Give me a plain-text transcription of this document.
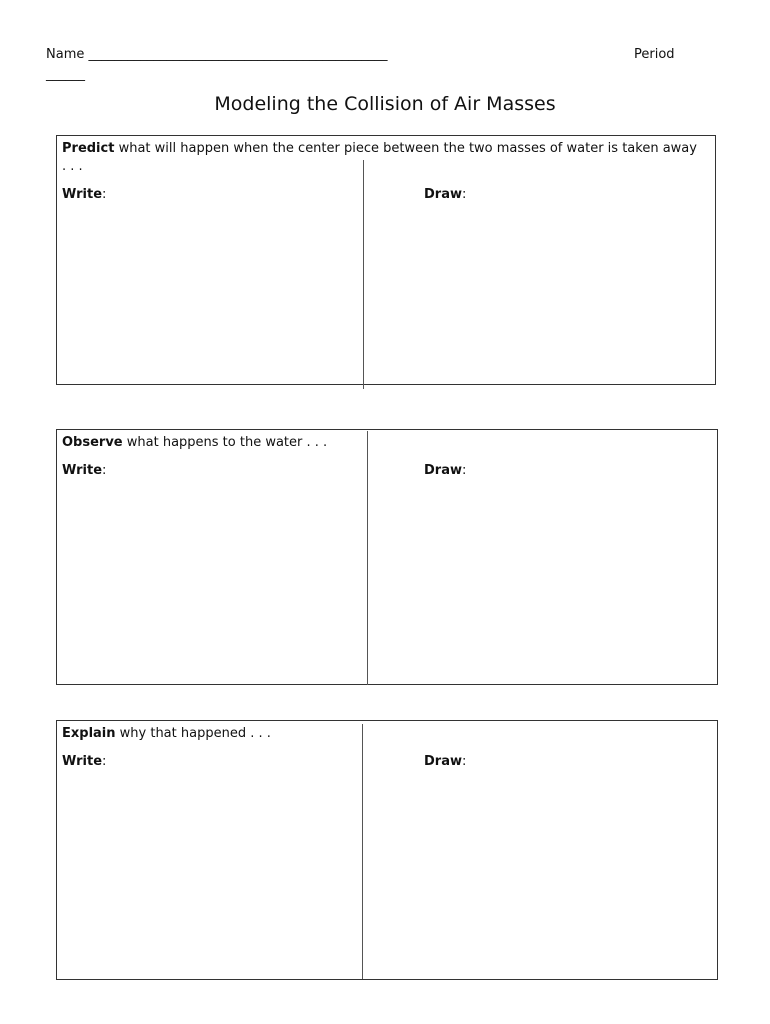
Name ______________________________________________	Period
______
Modeling the Collision of Air Masses
Predict what will happen when the center piece between the two masses of water is taken away . . .
Write:	Draw:
Observe what happens to the water . . .
Write:	Draw:
Explain why that happened . . .
Write:	Draw:
